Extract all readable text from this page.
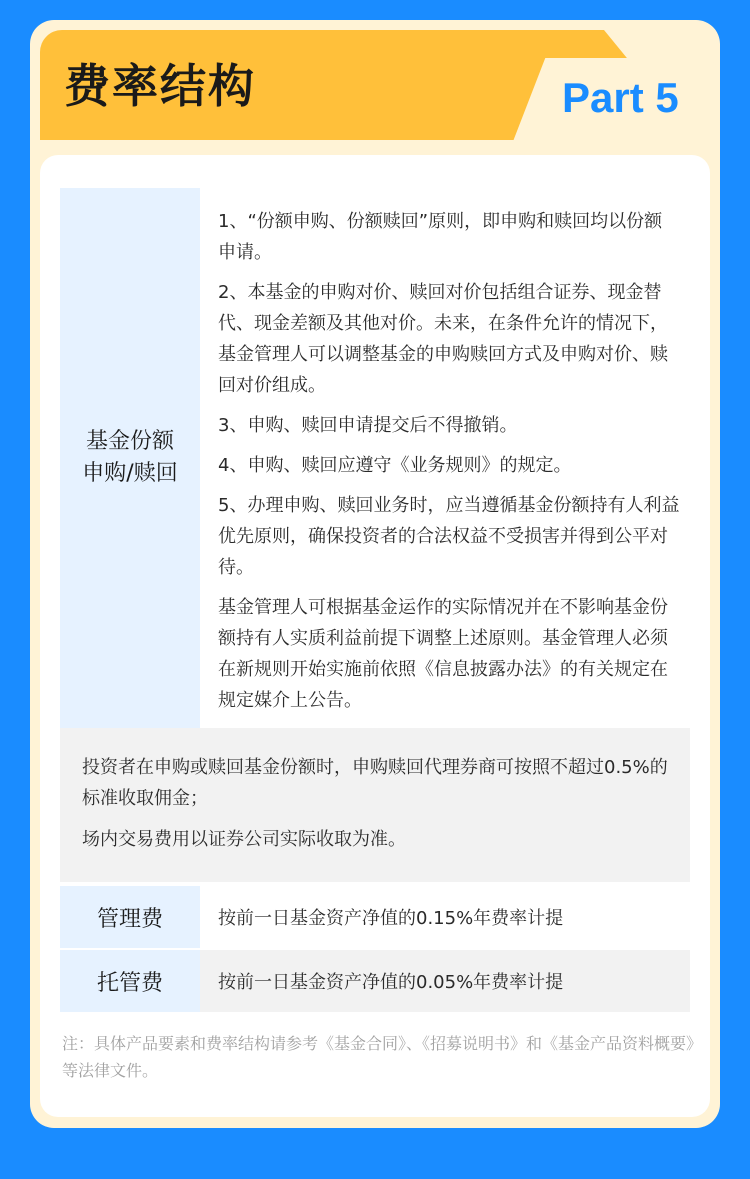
费率结构	Part 5
基金份额
申购/赎回

1、“份额申购、份额赎回”原则，即申购和赎回均以份额申请。

2、本基金的申购对价、赎回对价包括组合证券、现金替代、现金差额及其他对价。未来，在条件允许的情况下，基金管理人可以调整基金的申购赎回方式及申购对价、赎回对价组成。

3、申购、赎回申请提交后不得撤销。

4、申购、赎回应遵守《业务规则》的规定。

5、办理申购、赎回业务时，应当遵循基金份额持有人利益优先原则，确保投资者的合法权益不受损害并得到公平对待。

基金管理人可根据基金运作的实际情况并在不影响基金份额持有人实质利益前提下调整上述原则。基金管理人必须在新规则开始实施前依照《信息披露办法》的有关规定在规定媒介上公告。

投资者在申购或赎回基金份额时，申购赎回代理券商可按照不超过0.5%的标准收取佣金；

场内交易费用以证券公司实际收取为准。

管理费	按前一日基金资产净值的0.15%年费率计提
托管费	按前一日基金资产净值的0.05%年费率计提
注：具体产品要素和费率结构请参考《基金合同》、《招募说明书》和《基金产品资料概要》等法律文件。
